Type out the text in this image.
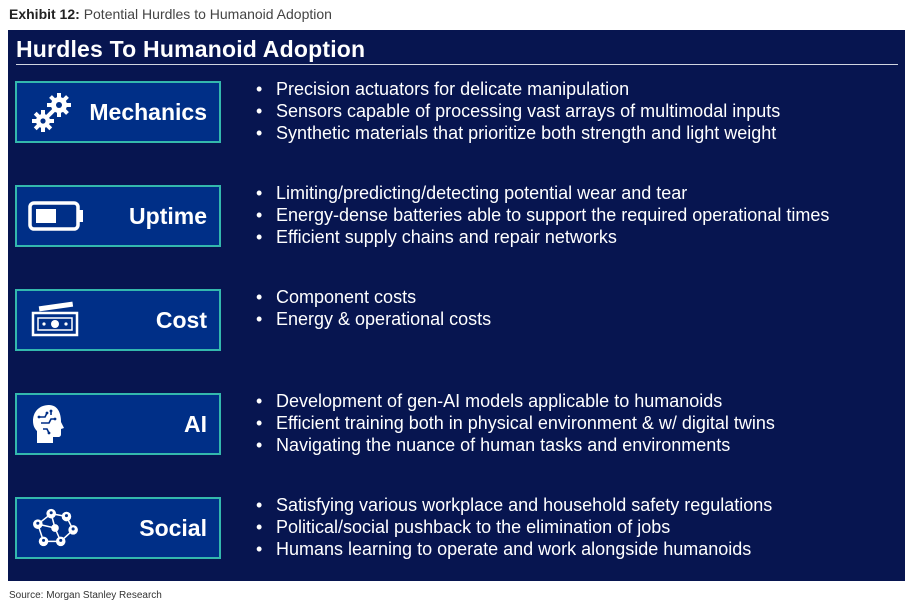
Exhibit 12: Potential Hurdles to Humanoid Adoption
Hurdles To Humanoid Adoption
Mechanics
• Precision actuators for delicate manipulation
• Sensors capable of processing vast arrays of multimodal inputs
• Synthetic materials that prioritize both strength and light weight
Uptime
• Limiting/predicting/detecting potential wear and tear
• Energy-dense batteries able to support the required operational times
• Efficient supply chains and repair networks
Cost
• Component costs
• Energy & operational costs
AI
• Development of gen-AI models applicable to humanoids
• Efficient training both in physical environment & w/ digital twins
• Navigating the nuance of human tasks and environments
Social
• Satisfying various workplace and household safety regulations
• Political/social pushback to the elimination of jobs
• Humans learning to operate and work alongside humanoids
Source: Morgan Stanley Research
